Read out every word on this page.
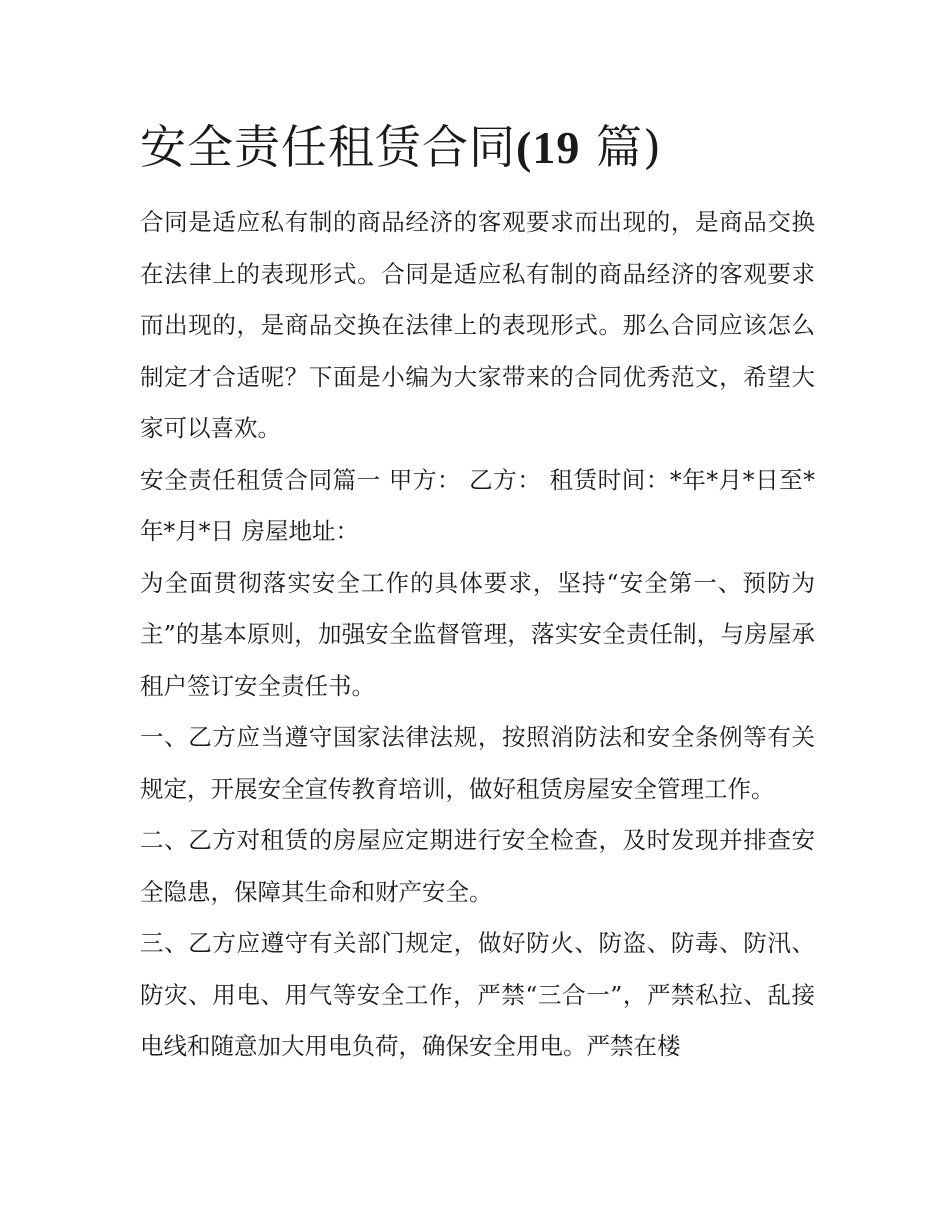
安全责任租赁合同(19 篇)

合同是适应私有制的商品经济的客观要求而出现的，是商品交换在法律上的表现形式。合同是适应私有制的商品经济的客观要求而出现的，是商品交换在法律上的表现形式。那么合同应该怎么制定才合适呢？下面是小编为大家带来的合同优秀范文，希望大家可以喜欢。

安全责任租赁合同篇一 甲方： 乙方： 租赁时间：*年*月*日至*年*月*日 房屋地址：

为全面贯彻落实安全工作的具体要求，坚持“安全第一、预防为主”的基本原则，加强安全监督管理，落实安全责任制，与房屋承租户签订安全责任书。

一、乙方应当遵守国家法律法规，按照消防法和安全条例等有关规定，开展安全宣传教育培训，做好租赁房屋安全管理工作。

二、乙方对租赁的房屋应定期进行安全检查，及时发现并排查安全隐患，保障其生命和财产安全。

三、乙方应遵守有关部门规定，做好防火、防盗、防毒、防汛、防灾、用电、用气等安全工作，严禁“三合一”，严禁私拉、乱接电线和随意加大用电负荷，确保安全用电。严禁在楼
